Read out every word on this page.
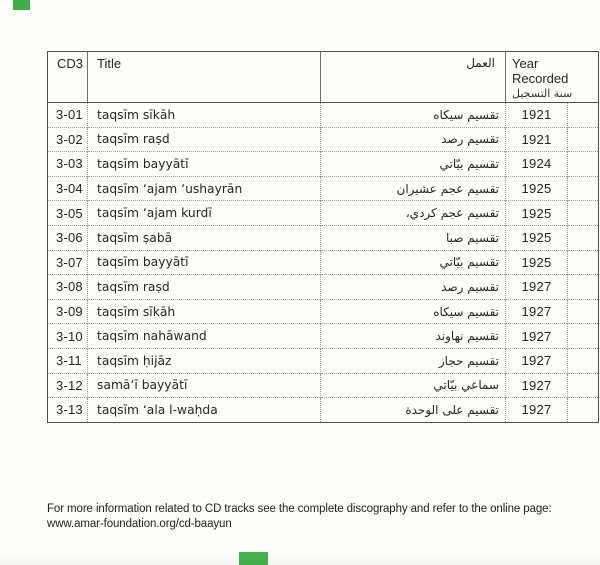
CD3	Title	العمل	Year Recorded
سنة التسجيل	

3-01	taqsīm sīkāh	تقسيم سيكاه	1921	
3-02	taqsīm raṣd	تقسيم رصد	1921	
3-03	taqsīm bayyātī	تقسيم بيّاتي	1924	
3-04	taqsīm ʻajam ʻushayrān	تقسيم عجم عشيران	1925	
3-05	taqsīm ʻajam kurdī	تقسيم عجم كردي،	1925	
3-06	taqsīm ṣabā	تقسيم صبا	1925	
3-07	taqsīm bayyātī	تقسيم بيّاتي	1925	
3-08	taqsīm raṣd	تقسيم رصد	1927	
3-09	taqsīm sīkāh	تقسيم سيكاه	1927	
3-10	taqsīm nahāwand	تقسيم نهاوند	1927	
3-11	taqsīm ḥijāz	تقسيم حجاز	1927	
3-12	samāʻī bayyātī	سماعي بيّاتي	1927	
3-13	taqsīm ʻala l-waḥda	تقسيم على الوحدة	1927	
For more information related to CD tracks see the complete discography and refer to the online page:
www.amar-foundation.org/cd-baayun
